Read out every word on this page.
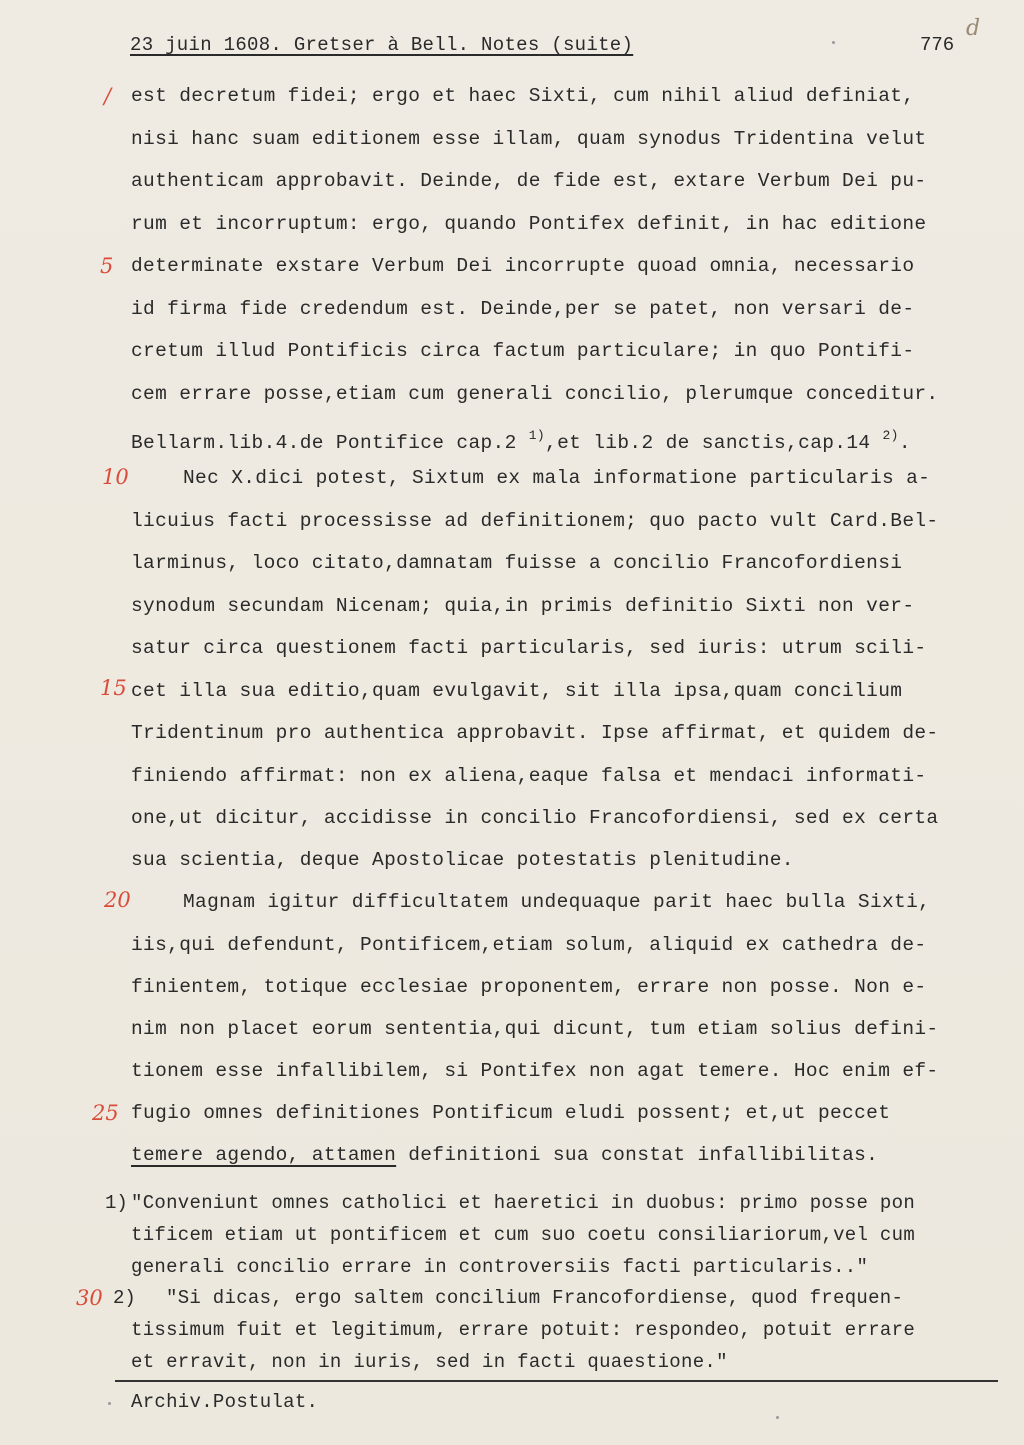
23 juin 1608. Gretser à Bell. Notes (suite)	776
d
/
5
10
15
20
25
30
est decretum fidei; ergo et haec Sixti, cum nihil aliud definiat,
nisi hanc suam editionem esse illam, quam synodus Tridentina velut
authenticam approbavit. Deinde, de fide est, extare Verbum Dei pu-
rum et incorruptum: ergo, quando Pontifex definit, in hac editione
determinate exstare Verbum Dei incorrupte quoad omnia, necessario
id firma fide credendum est. Deinde,per se patet, non versari de-
cretum illud Pontificis circa factum particulare; in quo Pontifi-
cem errare posse,etiam cum generali concilio, plerumque conceditur.
Bellarm.lib.4.de Pontifice cap.2 $^{1)}$,et lib.2 de sanctis,cap.14 $^{2)}$.
Nec X.dici potest, Sixtum ex mala informatione particularis a-
licuius facti processisse ad definitionem; quo pacto vult Card.Bel-
larminus, loco citato,damnatam fuisse a concilio Francofordiensi
synodum secundam Nicenam; quia,in primis definitio Sixti non ver-
satur circa questionem facti particularis, sed iuris: utrum scili-
cet illa sua editio,quam evulgavit, sit illa ipsa,quam concilium
Tridentinum pro authentica approbavit. Ipse affirmat, et quidem de-
finiendo affirmat: non ex aliena,eaque falsa et mendaci informati-
one,ut dicitur, accidisse in concilio Francofordiensi, sed ex certa
sua scientia, deque Apostolicae potestatis plenitudine.
Magnam igitur difficultatem undequaque parit haec bulla Sixti,
iis,qui defendunt, Pontificem,etiam solum, aliquid ex cathedra de-
finientem, totique ecclesiae proponentem, errare non posse. Non e-
nim non placet eorum sententia,qui dicunt, tum etiam solius defini-
tionem esse infallibilem, si Pontifex non agat temere. Hoc enim ef-
fugio omnes definitiones Pontificum eludi possent; et,ut peccet
temere agendo, attamen definitioni sua constat infallibilitas.
1) "Conveniunt omnes catholici et haeretici in duobus: primo posse pon
tificem etiam ut pontificem et cum suo coetu consiliariorum,vel cum
generali concilio errare in controversiis facti particularis.."
2) "Si dicas, ergo saltem concilium Francofordiense, quod frequen-
tissimum fuit et legitimum, errare potuit: respondeo, potuit errare
et erravit, non in iuris, sed in facti quaestione."
Archiv.Postulat.
